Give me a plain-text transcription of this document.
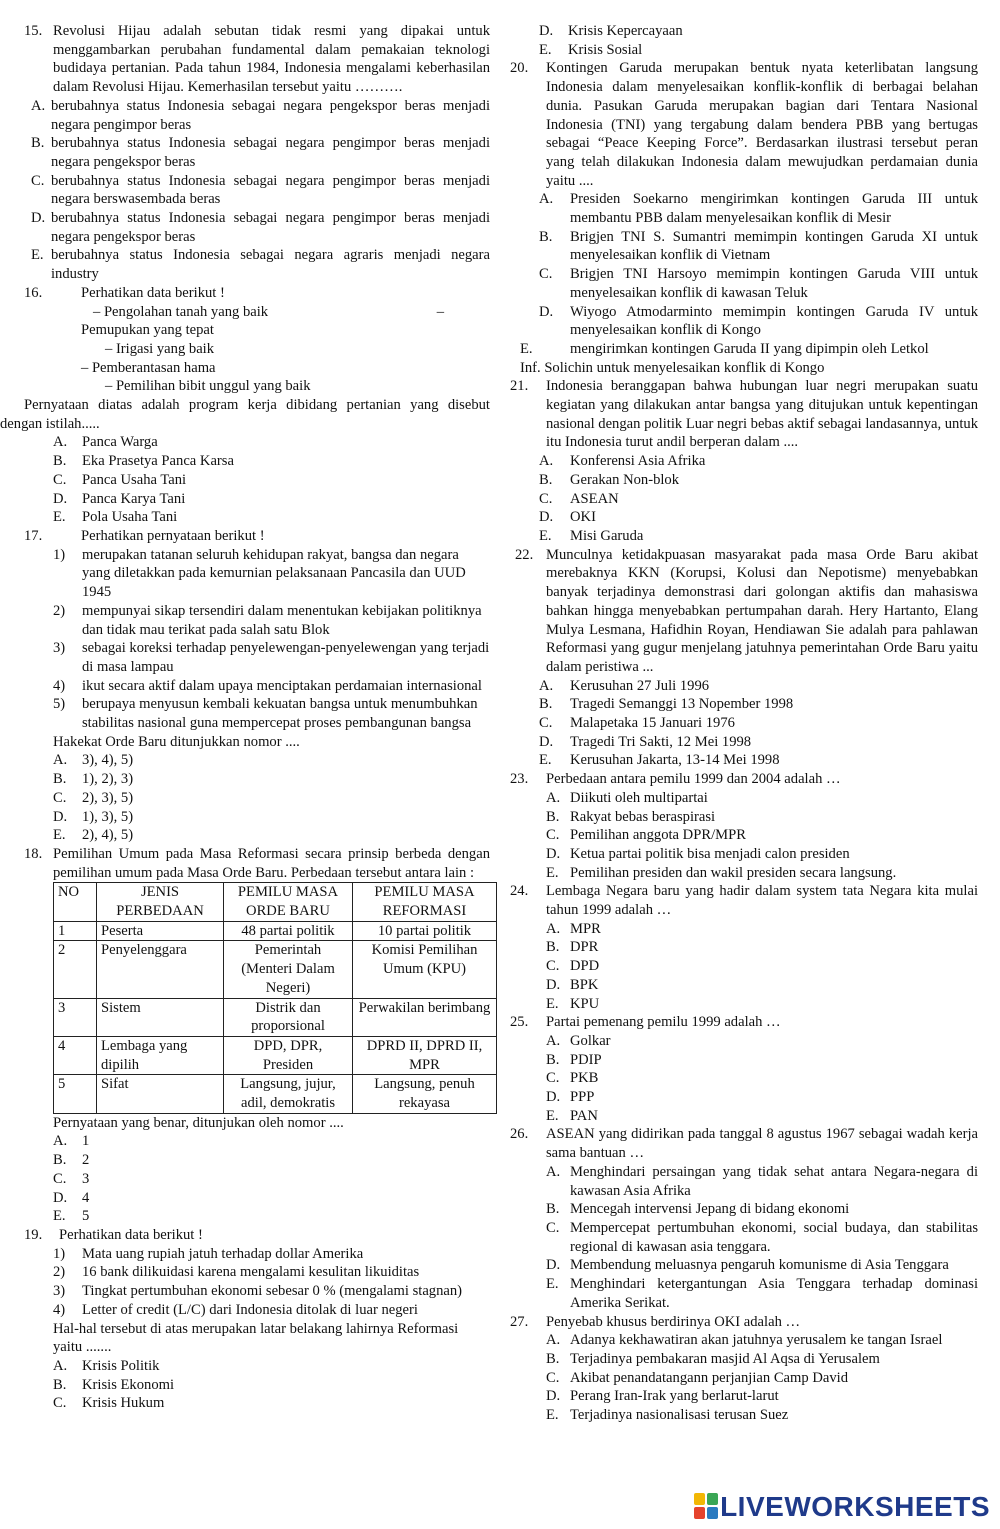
15. Revolusi Hijau adalah sebutan tidak resmi yang dipakai untuk menggambarkan perubahan fundamental dalam pemakaian teknologi budidaya pertanian. Pada tahun 1984, Indonesia mengalami keberhasilan dalam Revolusi Hijau. Kemerhasilan tersebut yaitu ……….
A. berubahnya status Indonesia sebagai negara pengekspor beras menjadi negara pengimpor beras
B. berubahnya status Indonesia sebagai negara pengimpor beras menjadi negara pengekspor beras
C. berubahnya status Indonesia sebagai negara pengimpor beras menjadi negara berswasembada beras
D. berubahnya status Indonesia sebagai negara pengimpor beras menjadi negara pengekspor beras
E. berubahnya status Indonesia sebagai negara agraris menjadi negara industry
16.	Perhatikan data berikut !
– Pengolahan tanah yang baik	–
Pemupukan yang tepat
– Irigasi yang baik
– Pemberantasan hama
– Pemilihan bibit unggul yang baik
Pernyataan diatas adalah program kerja dibidang pertanian yang disebut dengan istilah.....
A.	Panca Warga
B.	Eka Prasetya Panca Karsa
C.	Panca Usaha Tani
D.	Panca Karya Tani
E.	Pola Usaha Tani
17.	Perhatikan pernyataan berikut !
1)	merupakan tatanan seluruh kehidupan rakyat, bangsa dan negara yang diletakkan pada kemurnian pelaksanaan Pancasila dan UUD 1945
2)	mempunyai sikap tersendiri dalam menentukan kebijakan politiknya dan tidak mau terikat pada salah satu Blok
3)	sebagai koreksi terhadap penyelewengan-penyelewengan yang terjadi di masa lampau
4)	ikut secara aktif dalam upaya menciptakan perdamaian internasional
5)	berupaya menyusun kembali kekuatan bangsa untuk menumbuhkan stabilitas nasional guna mempercepat proses pembangunan bangsa
Hakekat Orde Baru ditunjukkan nomor ....
A.	3), 4), 5)
B.	1), 2), 3)
C.	2), 3), 5)
D.	1), 3), 5)
E.	2), 4), 5)
18. Pemilihan Umum pada Masa Reformasi secara prinsip berbeda dengan pemilihan umum pada Masa Orde Baru. Perbedaan tersebut antara lain :
NO	JENIS PERBEDAAN	PEMILU MASA ORDE BARU	PEMILU MASA REFORMASI
1	Peserta	48 partai politik	10 partai politik
2	Penyelenggara	Pemerintah (Menteri Dalam Negeri)	Komisi Pemilihan Umum (KPU)
3	Sistem	Distrik dan proporsional	Perwakilan berimbang
4	Lembaga yang dipilih	DPD, DPR, Presiden	DPRD II, DPRD II, MPR
5	Sifat	Langsung, jujur, adil, demokratis	Langsung, penuh rekayasa
Pernyataan yang benar, ditunjukan oleh nomor ....
A.	1
B.	2
C.	3
D.	4
E.	5
19.	Perhatikan data berikut !
1)	Mata uang rupiah jatuh terhadap dollar Amerika
2)	16 bank dilikuidasi karena mengalami kesulitan likuiditas
3)	Tingkat pertumbuhan ekonomi sebesar 0 % (mengalami stagnan)
4)	Letter of credit (L/C) dari Indonesia ditolak di luar negeri
Hal-hal tersebut di atas merupakan latar belakang lahirnya Reformasi yaitu .......
A.	Krisis Politik
B.	Krisis Ekonomi
C.	Krisis Hukum
D.	Krisis Kepercayaan
E.	Krisis Sosial
20.	Kontingen Garuda merupakan bentuk nyata keterlibatan langsung Indonesia dalam menyelesaikan konflik-konflik di berbagai belahan dunia. Pasukan Garuda merupakan bagian dari Tentara Nasional Indonesia (TNI) yang tergabung dalam bendera PBB yang bertugas sebagai “Peace Keeping Force”. Berdasarkan ilustrasi tersebut peran yang telah dilakukan Indonesia dalam mewujudkan perdamaian dunia yaitu ....
A.	Presiden Soekarno mengirimkan kontingen Garuda III untuk membantu PBB dalam menyelesaikan konflik di Mesir
B.	Brigjen TNI S. Sumantri memimpin kontingen Garuda XI untuk menyelesaikan konflik di Vietnam
C.	Brigjen TNI Harsoyo memimpin kontingen Garuda VIII untuk menyelesaikan konflik di kawasan Teluk
D.	Wiyogo Atmodarminto memimpin kontingen Garuda IV untuk menyelesaikan konflik di Kongo
E.	mengirimkan kontingen Garuda II yang dipimpin oleh Letkol
Inf. Solichin untuk menyelesaikan konflik di Kongo
21.	Indonesia beranggapan bahwa hubungan luar negri merupakan suatu kegiatan yang dilakukan antar bangsa yang ditujukan untuk kepentingan nasional dengan politik Luar negri bebas aktif sebagai landasannya, untuk itu Indonesia turut andil berperan dalam ....
A.	Konferensi Asia Afrika
B.	Gerakan Non-blok
C.	ASEAN
D.	OKI
E.	Misi Garuda
22. Munculnya ketidakpuasan masyarakat pada masa Orde Baru akibat merebaknya KKN (Korupsi, Kolusi dan Nepotisme) menyebabkan banyak terjadinya demonstrasi dari golongan aktifis dan mahasiswa bahkan hingga menyebabkan pertumpahan darah. Hery Hartanto, Elang Mulya Lesmana, Hafidhin Royan, Hendiawan Sie adalah para pahlawan Reformasi yang gugur menjelang jatuhnya pemerintahan Orde Baru yaitu dalam peristiwa ...
A.	Kerusuhan 27 Juli 1996
B.	Tragedi Semanggi 13 Nopember 1998
C.	Malapetaka 15 Januari 1976
D.	Tragedi Tri Sakti, 12 Mei 1998
E.	Kerusuhan Jakarta, 13-14 Mei 1998
23.	Perbedaan antara pemilu 1999 dan 2004 adalah …
A. Diikuti oleh multipartai
B. Rakyat bebas beraspirasi
C. Pemilihan anggota DPR/MPR
D. Ketua partai politik bisa menjadi calon presiden
E. Pemilihan presiden dan wakil presiden secara langsung.
24.	Lembaga Negara baru yang hadir dalam system tata Negara kita mulai tahun 1999 adalah …
A. MPR
B. DPR
C. DPD
D. BPK
E. KPU
25.	Partai pemenang pemilu 1999 adalah …
A. Golkar
B. PDIP
C. PKB
D. PPP
E. PAN
26.	ASEAN yang didirikan pada tanggal 8 agustus 1967 sebagai wadah kerja sama bantuan …
A. Menghindari persaingan yang tidak sehat antara Negara-negara di kawasan Asia Afrika
B. Mencegah intervensi Jepang di bidang ekonomi
C. Mempercepat pertumbuhan ekonomi, social budaya, dan stabilitas regional di kawasan asia tenggara.
D. Membendung meluasnya pengaruh komunisme di Asia Tenggara
E. Menghindari ketergantungan Asia Tenggara terhadap dominasi Amerika Serikat.
27.	Penyebab khusus berdirinya OKI adalah …
A. Adanya kekhawatiran akan jatuhnya yerusalem ke tangan Israel
B. Terjadinya pembakaran masjid Al Aqsa di Yerusalem
C. Akibat penandatangann perjanjian Camp David
D. Perang Iran-Irak yang berlarut-larut
E. Terjadinya nasionalisasi terusan Suez
LIVEWORKSHEETS
